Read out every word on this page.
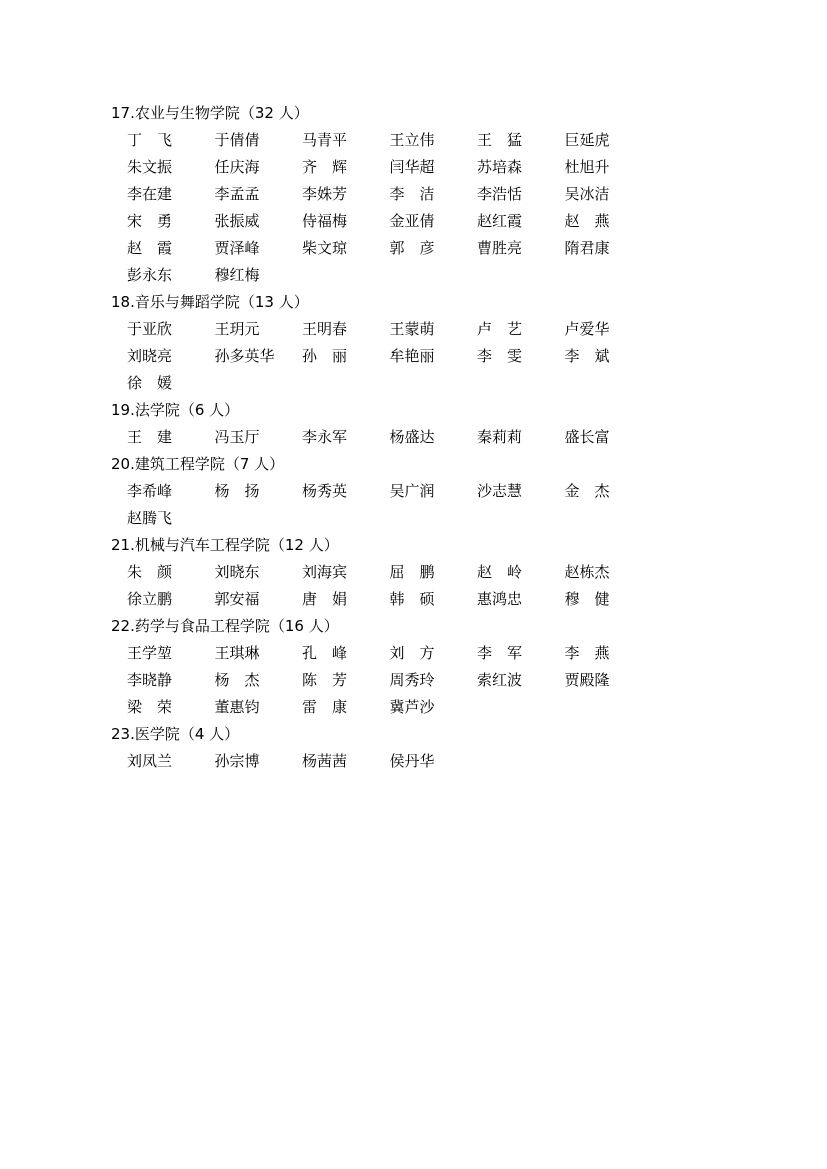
17.农业与生物学院（32 人）
丁　飞	于倩倩	马青平	王立伟	王　猛	巨延虎
朱文振	任庆海	齐　辉	闫华超	苏培森	杜旭升
李在建	李孟孟	李姝芳	李　洁	李浩恬	吴冰洁
宋　勇	张振威	侍福梅	金亚倩	赵红霞	赵　燕
赵　霞	贾泽峰	柴文琼	郭　彦	曹胜亮	隋君康
彭永东	穆红梅
18.音乐与舞蹈学院（13 人）
于亚欣	王玥元	王明春	王蒙萌	卢　艺	卢爱华
刘晓亮	孙多英华	孙　丽	牟艳丽	李　雯	李　斌
徐　媛
19.法学院（6 人）
王　建	冯玉厅	李永军	杨盛达	秦莉莉	盛长富
20.建筑工程学院（7 人）
李希峰	杨　扬	杨秀英	吴广润	沙志慧	金　杰
赵腾飞
21.机械与汽车工程学院（12 人）
朱　颜	刘晓东	刘海宾	屈　鹏	赵　岭	赵栋杰
徐立鹏	郭安福	唐　娟	韩　硕	惠鸿忠	穆　健
22.药学与食品工程学院（16 人）
王学堃	王琪琳	孔　峰	刘　方	李　军	李　燕
李晓静	杨　杰	陈　芳	周秀玲	索红波	贾殿隆
梁　荣	董惠钧	雷　康	冀芦沙
23.医学院（4 人）
刘凤兰	孙宗博	杨茜茜	侯丹华
